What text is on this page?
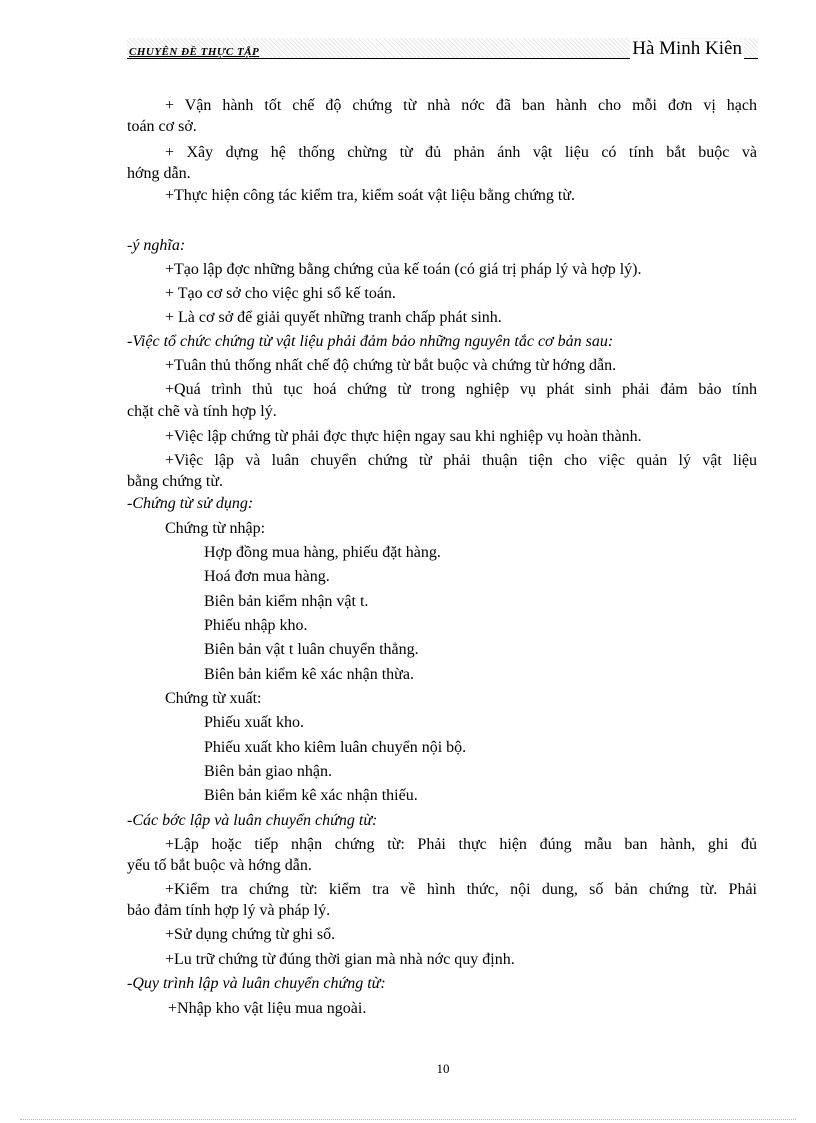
CHUYÊN ĐỀ THỰC TẬP	Hà Minh Kiên
+ Vận hành tốt chế độ chứng từ nhà nớc đã ban hành cho mỗi đơn vị hạch
toán cơ sở.
+ Xây dựng hệ thống chừng từ đủ phản ánh vật liệu có tính bắt buộc và
hớng dẫn.
+Thực hiện công tác kiểm tra, kiểm soát vật liệu bằng chứng từ.
-ý nghĩa:
+Tạo lập đợc những bằng chứng của kế toán (có giá trị pháp lý và hợp lý).
+ Tạo cơ sở cho việc ghi sổ kế toán.
+ Là cơ sở để giải quyết những tranh chấp phát sinh.
-Việc tổ chức chứng từ vật liệu phải đảm bảo những nguyên tắc cơ bản sau:
+Tuân thủ thống nhất chế độ chứng từ bắt buộc và chứng từ hớng dẫn.
+Quá trình thủ tục hoá chứng từ trong nghiệp vụ phát sinh phải đảm bảo tính
chặt chẽ và tính hợp lý.
+Việc lập chứng từ phải đợc thực hiện ngay sau khi nghiệp vụ hoàn thành.
+Việc lập và luân chuyển chứng từ phải thuận tiện cho việc quản lý vật liệu
bằng chứng từ.
-Chứng từ sử dụng:
Chứng từ nhập:
Hợp đồng mua hàng, phiếu đặt hàng.
Hoá đơn mua hàng.
Biên bản kiểm nhận vật t.
Phiếu nhập kho.
Biên bản vật t luân chuyển thẳng.
Biên bản kiểm kê xác nhận thừa.
Chứng từ xuất:
Phiếu xuất kho.
Phiếu xuất kho kiêm luân chuyển nội bộ.
Biên bản giao nhận.
Biên bản kiểm kê xác nhận thiếu.
-Các bớc lập và luân chuyển chứng từ:
+Lập hoặc tiếp nhận chứng từ: Phải thực hiện đúng mẫu ban hành, ghi đủ
yếu tố bắt buộc và hớng dẫn.
+Kiểm tra chứng từ: kiểm tra về hình thức, nội dung, số bản chứng từ. Phải
bảo đảm tính hợp lý và pháp lý.
+Sử dụng chứng từ ghi sổ.
+Lu trữ chứng từ đúng thời gian mà nhà nớc quy định.
-Quy trình lập và luân chuyển chứng từ:
+Nhập kho vật liệu mua ngoài.
10
